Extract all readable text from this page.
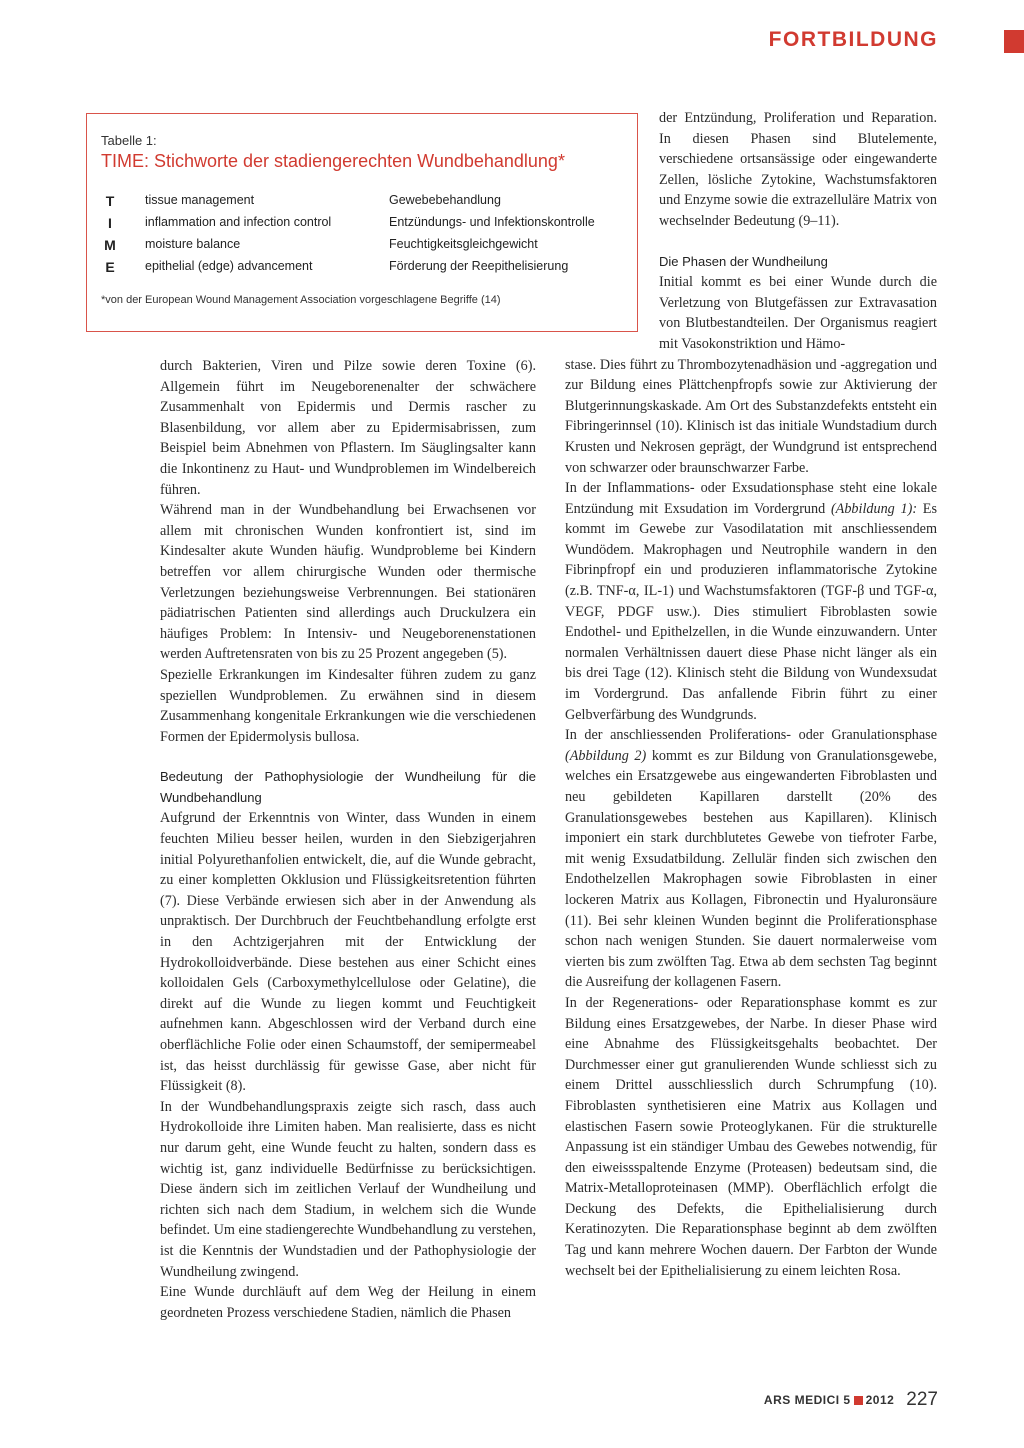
FORTBILDUNG
Tabelle 1:
TIME: Stichworte der stadiengerechten Wundbehandlung*
T tissue management	Gewebebehandlung
I	inflammation and infection control	Entzündungs- und Infektionskontrolle
M moisture balance	Feuchtigkeitsgleichgewicht
E epithelial (edge) advancement	Förderung der Reepithelisierung
*von der European Wound Management Association vorgeschlagene Begriffe (14)

durch Bakterien, Viren und Pilze sowie deren Toxine (6). Allgemein führt im Neugeborenenalter der schwächere Zusammenhalt von Epidermis und Dermis rascher zu Blasenbildung, vor allem aber zu Epidermisabrissen, zum Beispiel beim Abnehmen von Pflastern. Im Säuglingsalter kann die Inkontinenz zu Haut- und Wundproblemen im Windelbereich führen.

Während man in der Wundbehandlung bei Erwachsenen vor allem mit chronischen Wunden konfrontiert ist, sind im Kindesalter akute Wunden häufig. Wundprobleme bei Kindern betreffen vor allem chirurgische Wunden oder thermische Verletzungen beziehungsweise Verbrennungen. Bei stationären pädiatrischen Patienten sind allerdings auch Druckulzera ein häufiges Problem: In Intensiv- und Neugeborenenstationen werden Auftretensraten von bis zu 25 Prozent angegeben (5).

Spezielle Erkrankungen im Kindesalter führen zudem zu ganz speziellen Wundproblemen. Zu erwähnen sind in diesem Zusammenhang kongenitale Erkrankungen wie die verschiedenen Formen der Epidermolysis bullosa.

Bedeutung der Pathophysiologie der Wundheilung für die Wundbehandlung

Aufgrund der Erkenntnis von Winter, dass Wunden in einem feuchten Milieu besser heilen, wurden in den Siebzigerjahren initial Polyurethanfolien entwickelt, die, auf die Wunde gebracht, zu einer kompletten Okklusion und Flüssigkeitsretention führten (7). Diese Verbände erwiesen sich aber in der Anwendung als unpraktisch. Der Durchbruch der Feuchtbehandlung erfolgte erst in den Achtzigerjahren mit der Entwicklung der Hydrokolloidverbände. Diese bestehen aus einer Schicht eines kolloidalen Gels (Carboxymethylcellulose oder Gelatine), die direkt auf die Wunde zu liegen kommt und Feuchtigkeit aufnehmen kann. Abgeschlossen wird der Verband durch eine oberflächliche Folie oder einen Schaumstoff, der semipermeabel ist, das heisst durchlässig für gewisse Gase, aber nicht für Flüssigkeit (8).

In der Wundbehandlungspraxis zeigte sich rasch, dass auch Hydrokolloide ihre Limiten haben. Man realisierte, dass es nicht nur darum geht, eine Wunde feucht zu halten, sondern dass es wichtig ist, ganz individuelle Bedürfnisse zu berücksichtigen. Diese ändern sich im zeitlichen Verlauf der Wundheilung und richten sich nach dem Stadium, in welchem sich die Wunde befindet. Um eine stadiengerechte Wundbehandlung zu verstehen, ist die Kenntnis der Wundstadien und der Pathophysiologie der Wundheilung zwingend.

Eine Wunde durchläuft auf dem Weg der Heilung in einem geordneten Prozess verschiedene Stadien, nämlich die Phasen

der Entzündung, Proliferation und Reparation. In diesen Phasen sind Blutelemente, verschiedene ortsansässige oder eingewanderte Zellen, lösliche Zytokine, Wachstumsfaktoren und Enzyme sowie die extrazelluläre Matrix von wechselnder Bedeutung (9–11).

Die Phasen der Wundheilung

Initial kommt es bei einer Wunde durch die Verletzung von Blutgefässen zur Extravasation von Blutbestandteilen. Der Organismus reagiert mit Vasokonstriktion und Hämo-

stase. Dies führt zu Thrombozytenadhäsion und -aggregation und zur Bildung eines Plättchenpfropfs sowie zur Aktivierung der Blutgerinnungskaskade. Am Ort des Substanzdefekts entsteht ein Fibringerinnsel (10). Klinisch ist das initiale Wundstadium durch Krusten und Nekrosen geprägt, der Wundgrund ist entsprechend von schwarzer oder braunschwarzer Farbe.

In der Inflammations- oder Exsudationsphase steht eine lokale Entzündung mit Exsudation im Vordergrund (Abbildung 1): Es kommt im Gewebe zur Vasodilatation mit anschliessendem Wundödem. Makrophagen und Neutrophile wandern in den Fibrinpfropf ein und produzieren inflammatorische Zytokine (z.B. TNF-α, IL-1) und Wachstumsfaktoren (TGF-β und TGF-α, VEGF, PDGF usw.). Dies stimuliert Fibroblasten sowie Endothel- und Epithelzellen, in die Wunde einzuwandern. Unter normalen Verhältnissen dauert diese Phase nicht länger als ein bis drei Tage (12). Klinisch steht die Bildung von Wundexsudat im Vordergrund. Das anfallende Fibrin führt zu einer Gelbverfärbung des Wundgrunds.

In der anschliessenden Proliferations- oder Granulationsphase (Abbildung 2) kommt es zur Bildung von Granulationsgewebe, welches ein Ersatzgewebe aus eingewanderten Fibroblasten und neu gebildeten Kapillaren darstellt (20% des Granulationsgewebes bestehen aus Kapillaren). Klinisch imponiert ein stark durchblutetes Gewebe von tiefroter Farbe, mit wenig Exsudatbildung. Zellulär finden sich zwischen den Endothelzellen Makrophagen sowie Fibroblasten in einer lockeren Matrix aus Kollagen, Fibronectin und Hyaluronsäure (11). Bei sehr kleinen Wunden beginnt die Proliferationsphase schon nach wenigen Stunden. Sie dauert normalerweise vom vierten bis zum zwölften Tag. Etwa ab dem sechsten Tag beginnt die Ausreifung der kollagenen Fasern.

In der Regenerations- oder Reparationsphase kommt es zur Bildung eines Ersatzgewebes, der Narbe. In dieser Phase wird eine Abnahme des Flüssigkeitsgehalts beobachtet. Der Durchmesser einer gut granulierenden Wunde schliesst sich zu einem Drittel ausschliesslich durch Schrumpfung (10). Fibroblasten synthetisieren eine Matrix aus Kollagen und elastischen Fasern sowie Proteoglykanen. Für die strukturelle Anpassung ist ein ständiger Umbau des Gewebes notwendig, für den eiweissspaltende Enzyme (Proteasen) bedeutsam sind, die Matrix-Metalloproteinasen (MMP). Oberflächlich erfolgt die Deckung des Defekts, die Epithelialisierung durch Keratinozyten. Die Reparationsphase beginnt ab dem zwölften Tag und kann mehrere Wochen dauern. Der Farbton der Wunde wechselt bei der Epithelialisierung zu einem leichten Rosa.

ARS MEDICI 5 2012 227
